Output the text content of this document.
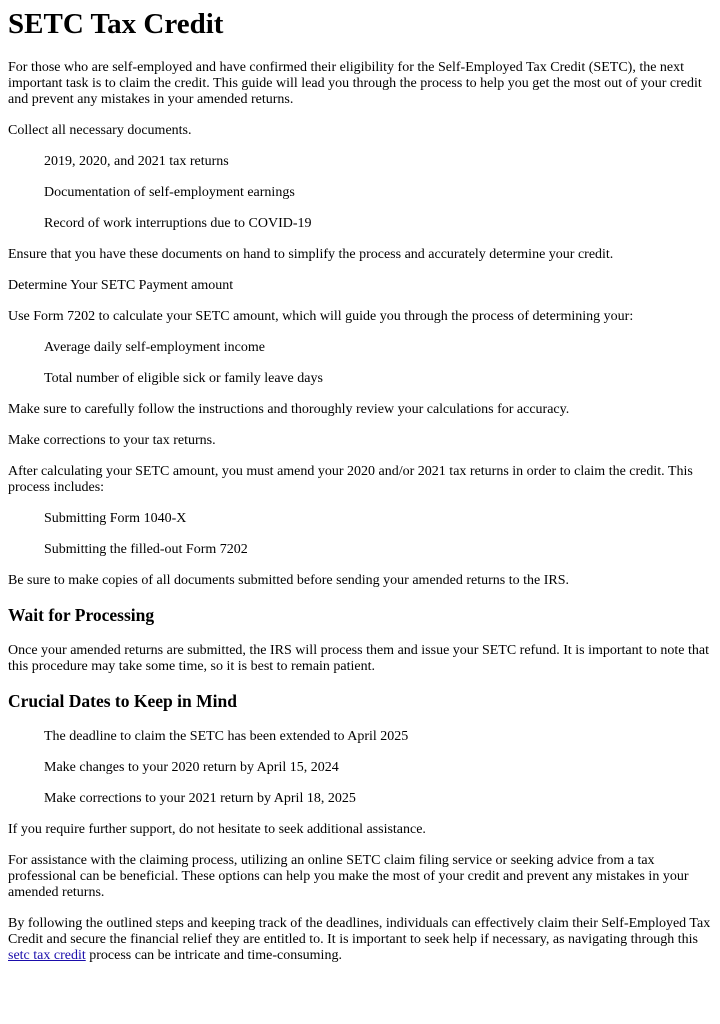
SETC Tax Credit

For those who are self-employed and have confirmed their eligibility for the Self-Employed Tax Credit (SETC), the next important task is to claim the credit. This guide will lead you through the process to help you get the most out of your credit and prevent any mistakes in your amended returns.

Collect all necessary documents.

2019, 2020, and 2021 tax returns

Documentation of self-employment earnings

Record of work interruptions due to COVID-19

Ensure that you have these documents on hand to simplify the process and accurately determine your credit.

Determine Your SETC Payment amount

Use Form 7202 to calculate your SETC amount, which will guide you through the process of determining your:

Average daily self-employment income

Total number of eligible sick or family leave days

Make sure to carefully follow the instructions and thoroughly review your calculations for accuracy.

Make corrections to your tax returns.

After calculating your SETC amount, you must amend your 2020 and/or 2021 tax returns in order to claim the credit. This process includes:

Submitting Form 1040-X

Submitting the filled-out Form 7202

Be sure to make copies of all documents submitted before sending your amended returns to the IRS.

Wait for Processing

Once your amended returns are submitted, the IRS will process them and issue your SETC refund. It is important to note that this procedure may take some time, so it is best to remain patient.

Crucial Dates to Keep in Mind

The deadline to claim the SETC has been extended to April 2025

Make changes to your 2020 return by April 15, 2024

Make corrections to your 2021 return by April 18, 2025

If you require further support, do not hesitate to seek additional assistance.

For assistance with the claiming process, utilizing an online SETC claim filing service or seeking advice from a tax professional can be beneficial. These options can help you make the most of your credit and prevent any mistakes in your amended returns.

By following the outlined steps and keeping track of the deadlines, individuals can effectively claim their Self-Employed Tax Credit and secure the financial relief they are entitled to. It is important to seek help if necessary, as navigating through this setc tax credit process can be intricate and time-consuming.
